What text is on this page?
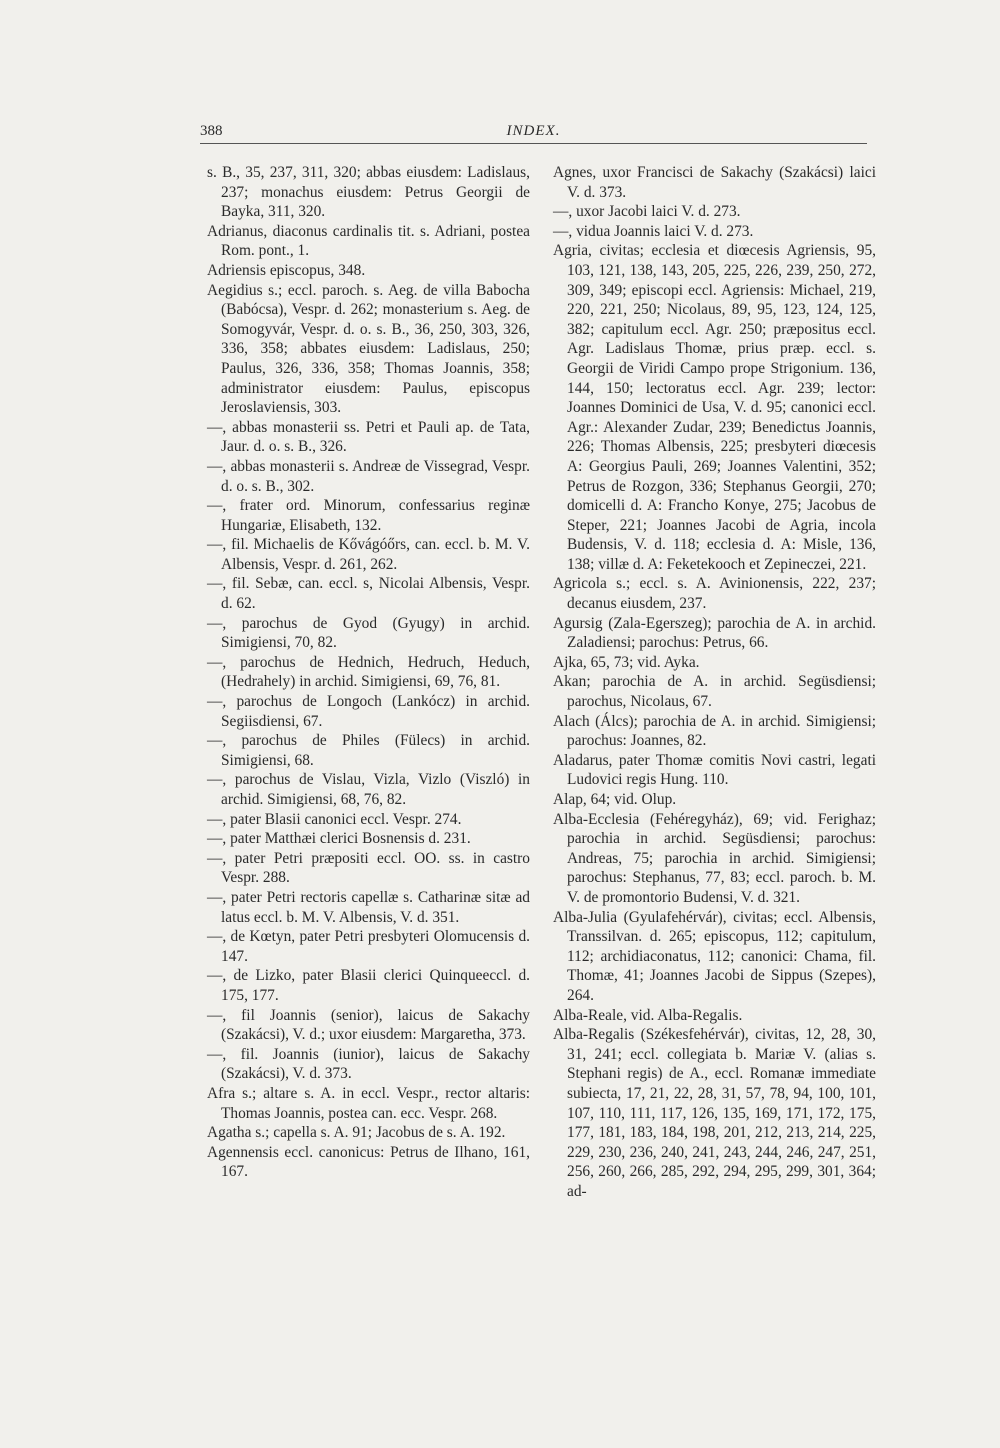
388	INDEX.

s. B., 35, 237, 311, 320; abbas eiusdem: Ladislaus, 237; monachus eiusdem: Petrus Georgii de Bayka, 311, 320.

Adrianus, diaconus cardinalis tit. s. Adriani, postea Rom. pont., 1.

Adriensis episcopus, 348.

Aegidius s.; eccl. paroch. s. Aeg. de villa Babocha (Babócsa), Vespr. d. 262; monasterium s. Aeg. de Somogyvár, Vespr. d. o. s. B., 36, 250, 303, 326, 336, 358; abbates eiusdem: Ladislaus, 250; Paulus, 326, 336, 358; Thomas Joannis, 358; administrator eiusdem: Paulus, episcopus Jeroslaviensis, 303.

—, abbas monasterii ss. Petri et Pauli ap. de Tata, Jaur. d. o. s. B., 326.

—, abbas monasterii s. Andreæ de Vissegrad, Vespr. d. o. s. B., 302.

—, frater ord. Minorum, confessarius reginæ Hungariæ, Elisabeth, 132.

—, fil. Michaelis de Kővágóőrs, can. eccl. b. M. V. Albensis, Vespr. d. 261, 262.

—, fil. Sebæ, can. eccl. s, Nicolai Albensis, Vespr. d. 62.

—, parochus de Gyod (Gyugy) in archid. Simigiensi, 70, 82.

—, parochus de Hednich, Hedruch, Heduch, (Hedrahely) in archid. Simigiensi, 69, 76, 81.

—, parochus de Longoch (Lankócz) in archid. Segiisdiensi, 67.

—, parochus de Philes (Fülecs) in archid. Simigiensi, 68.

—, parochus de Vislau, Vizla, Vizlo (Viszló) in archid. Simigiensi, 68, 76, 82.

—, pater Blasii canonici eccl. Vespr. 274.

—, pater Matthæi clerici Bosnensis d. 231.

—, pater Petri præpositi eccl. OO. ss. in castro Vespr. 288.

—, pater Petri rectoris capellæ s. Catharinæ sitæ ad latus eccl. b. M. V. Albensis, V. d. 351.

—, de Kœtyn, pater Petri presbyteri Olomucensis d. 147.

—, de Lizko, pater Blasii clerici Quinqueeccl. d. 175, 177.

—, fil Joannis (senior), laicus de Sakachy (Szakácsi), V. d.; uxor eiusdem: Margaretha, 373.

—, fil. Joannis (iunior), laicus de Sakachy (Szakácsi), V. d. 373.

Afra s.; altare s. A. in eccl. Vespr., rector altaris: Thomas Joannis, postea can. ecc. Vespr. 268.

Agatha s.; capella s. A. 91; Jacobus de s. A. 192.

Agennensis eccl. canonicus: Petrus de Ilhano, 161, 167.

Agnes, uxor Francisci de Sakachy (Szakácsi) laici V. d. 373.

—, uxor Jacobi laici V. d. 273.

—, vidua Joannis laici V. d. 273.

Agria, civitas; ecclesia et diœcesis Agriensis, 95, 103, 121, 138, 143, 205, 225, 226, 239, 250, 272, 309, 349; episcopi eccl. Agriensis: Michael, 219, 220, 221, 250; Nicolaus, 89, 95, 123, 124, 125, 382; capitulum eccl. Agr. 250; præpositus eccl. Agr. Ladislaus Thomæ, prius præp. eccl. s. Georgii de Viridi Campo prope Strigonium. 136, 144, 150; lectoratus eccl. Agr. 239; lector: Joannes Dominici de Usa, V. d. 95; canonici eccl. Agr.: Alexander Zudar, 239; Benedictus Joannis, 226; Thomas Albensis, 225; presbyteri diœcesis A: Georgius Pauli, 269; Joannes Valentini, 352; Petrus de Rozgon, 336; Stephanus Georgii, 270; domicelli d. A: Francho Konye, 275; Jacobus de Steper, 221; Joannes Jacobi de Agria, incola Budensis, V. d. 118; ecclesia d. A: Misle, 136, 138; villæ d. A: Feketekooch et Zepineczei, 221.

Agricola s.; eccl. s. A. Avinionensis, 222, 237; decanus eiusdem, 237.

Agursig (Zala-Egerszeg); parochia de A. in archid. Zaladiensi; parochus: Petrus, 66.

Ajka, 65, 73; vid. Ayka.

Akan; parochia de A. in archid. Següsdiensi; parochus, Nicolaus, 67.

Alach (Álcs); parochia de A. in archid. Simigiensi; parochus: Joannes, 82.

Aladarus, pater Thomæ comitis Novi castri, legati Ludovici regis Hung. 110.

Alap, 64; vid. Olup.

Alba-Ecclesia (Fehéregyház), 69; vid. Ferighaz; parochia in archid. Següsdiensi; parochus: Andreas, 75; parochia in archid. Simigiensi; parochus: Stephanus, 77, 83; eccl. paroch. b. M. V. de promontorio Budensi, V. d. 321.

Alba-Julia (Gyulafehérvár), civitas; eccl. Albensis, Transsilvan. d. 265; episcopus, 112; capitulum, 112; archidiaconatus, 112; canonici: Chama, fil. Thomæ, 41; Joannes Jacobi de Sippus (Szepes), 264.

Alba-Reale, vid. Alba-Regalis.

Alba-Regalis (Székesfehérvár), civitas, 12, 28, 30, 31, 241; eccl. collegiata b. Mariæ V. (alias s. Stephani regis) de A., eccl. Romanæ immediate subiecta, 17, 21, 22, 28, 31, 57, 78, 94, 100, 101, 107, 110, 111, 117, 126, 135, 169, 171, 172, 175, 177, 181, 183, 184, 198, 201, 212, 213, 214, 225, 229, 230, 236, 240, 241, 243, 244, 246, 247, 251, 256, 260, 266, 285, 292, 294, 295, 299, 301, 364; ad-
